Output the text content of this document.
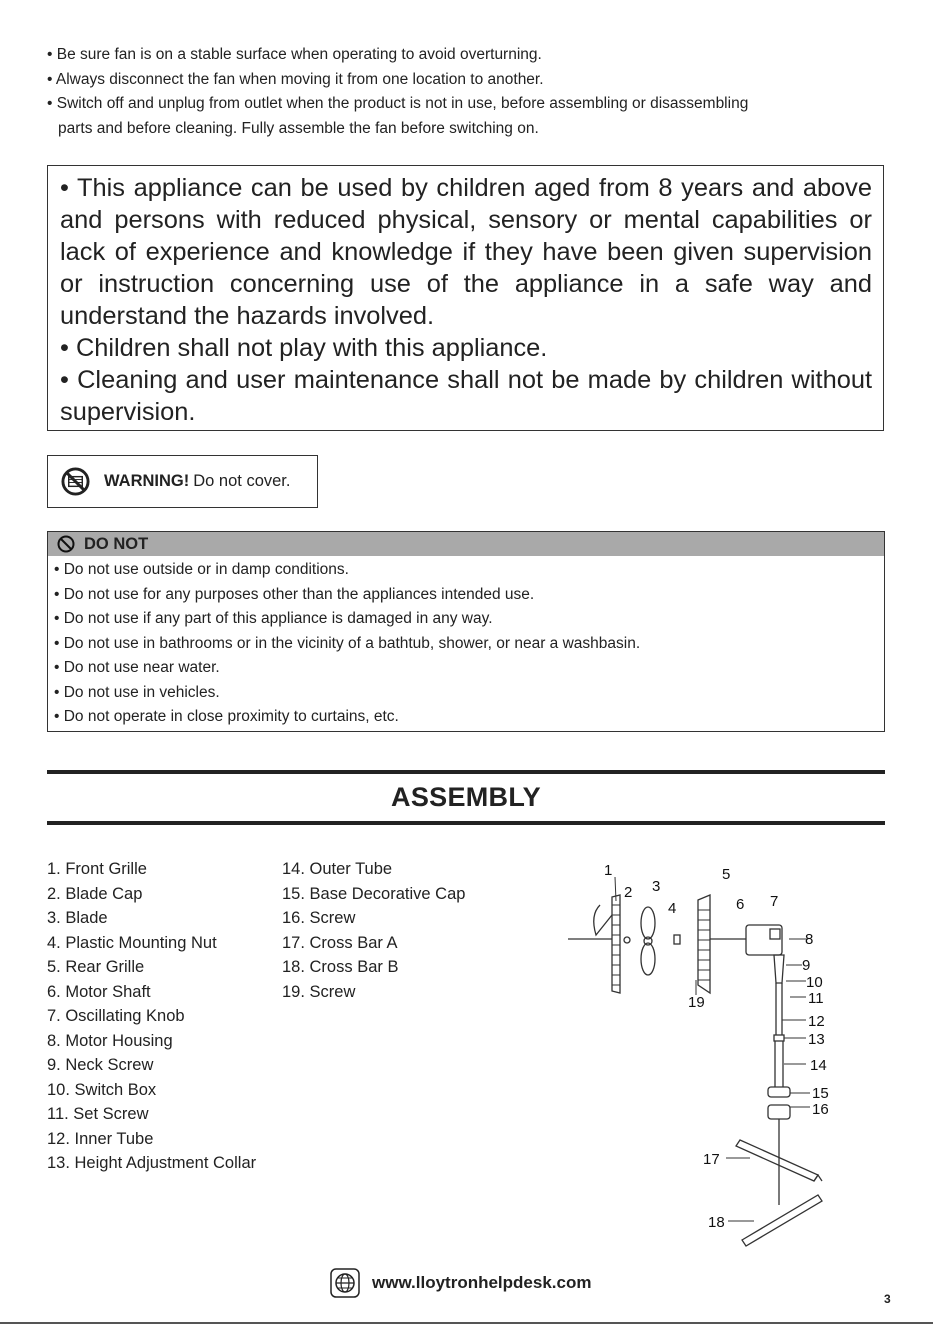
• Be sure fan is on a stable surface when operating to avoid overturning.
• Always disconnect the fan when moving it from one location to another.
• Switch off and unplug from outlet when the product is not in use, before assembling or disassembling
parts and before cleaning. Fully assemble the fan before switching on.

• This appliance can be used by children aged from 8 years and above and persons with reduced physical, sensory or mental capabilities or lack of experience and knowledge if they have been given supervision or instruction concerning use of the appliance in a safe way and understand the hazards involved.

• Children shall not play with this appliance.

• Cleaning and user maintenance shall not be made by children without supervision.

WARNING! Do not cover.
DO NOT
• Do not use outside or in damp conditions.
• Do not use for any purposes other than the appliances intended use.
• Do not use if any part of this appliance is damaged in any way.
• Do not use in bathrooms or in the vicinity of a bathtub, shower, or near a washbasin.
• Do not use near water.
• Do not use in vehicles.
• Do not operate in close proximity to curtains, etc.
ASSEMBLY
1. Front Grille
2. Blade Cap
3. Blade
4. Plastic Mounting Nut
5. Rear Grille
6. Motor Shaft
7. Oscillating Knob
8. Motor Housing
9. Neck Screw
10. Switch Box
11. Set Screw
12. Inner Tube
13. Height Adjustment Collar
14. Outer Tube
15. Base Decorative Cap
16. Screw
17. Cross Bar A
18. Cross Bar B
19. Screw
1
2 3
4
5
6 7
8
9
10
11
12
13
14
15
16
17
18
19
www.lloytronhelpdesk.com
3
